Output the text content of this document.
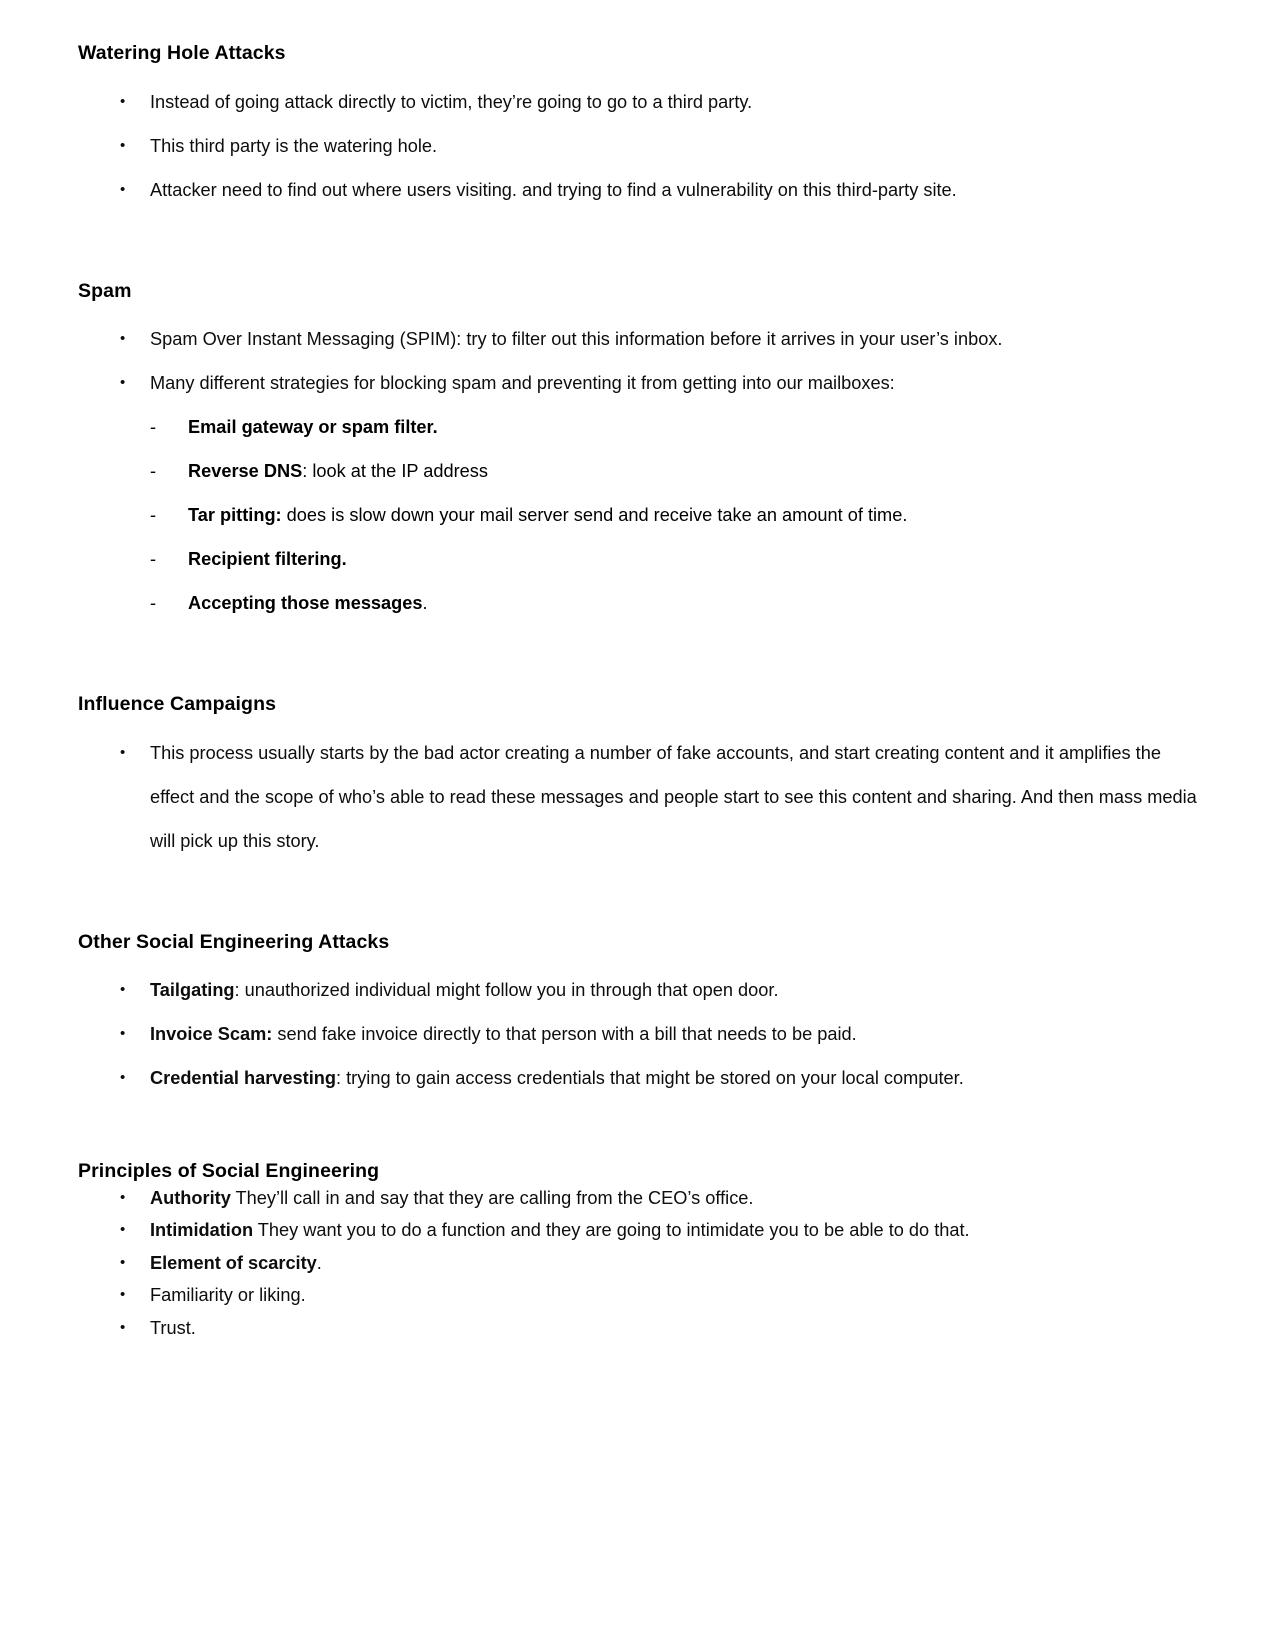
Watering Hole Attacks
• Instead of going attack directly to victim, they’re going to go to a third party.
• This third party is the watering hole.
• Attacker need to find out where users visiting. and trying to find a vulnerability on this third-party site.
Spam
• Spam Over Instant Messaging (SPIM): try to filter out this information before it arrives in your user’s inbox.
• Many different strategies for blocking spam and preventing it from getting into our mailboxes:
- Email gateway or spam filter.
- Reverse DNS: look at the IP address
- Tar pitting: does is slow down your mail server send and receive take an amount of time.
- Recipient filtering.
- Accepting those messages.
Influence Campaigns
• This process usually starts by the bad actor creating a number of fake accounts, and start creating content and it amplifies the effect and the scope of who’s able to read these messages and people start to see this content and sharing. And then mass media will pick up this story.
Other Social Engineering Attacks
• Tailgating: unauthorized individual might follow you in through that open door.
• Invoice Scam: send fake invoice directly to that person with a bill that needs to be paid.
• Credential harvesting: trying to gain access credentials that might be stored on your local computer.
Principles of Social Engineering
• Authority They’ll call in and say that they are calling from the CEO’s office.
• Intimidation They want you to do a function and they are going to intimidate you to be able to do that.
• Element of scarcity.
• Familiarity or liking.
• Trust.
